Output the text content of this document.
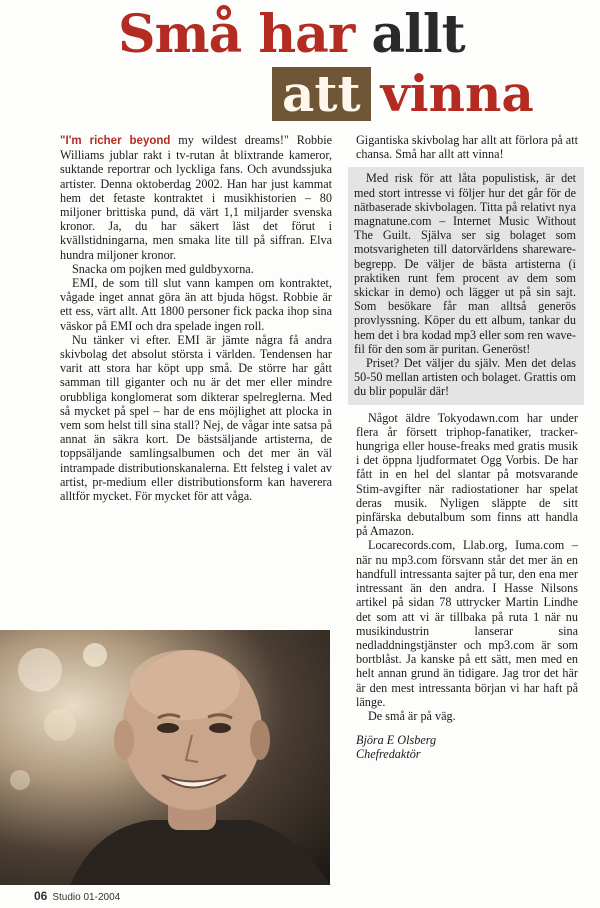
Små har allt
att vinna

"I'm richer beyond my wildest dreams!" Robbie Williams jublar rakt i tv-rutan åt blixtrande kameror, suktande reportrar och lyckliga fans. Och avundssjuka artister. Denna oktoberdag 2002. Han har just kammat hem det fetaste kontraktet i musikhistorien – 80 miljoner brittiska pund, dä värt 1,1 miljarder svenska kronor. Ja, du har säkert läst det förut i kvällstidningarna, men smaka lite till på siffran. Elva hundra miljoner kronor.

Snacka om pojken med guldbyxorna.

EMI, de som till slut vann kampen om kontraktet, vågade inget annat göra än att bjuda högst. Robbie är ett ess, värt allt. Att 1800 personer fick packa ihop sina väskor på EMI och dra spelade ingen roll.

Nu tänker vi efter. EMI är jämte några få andra skivbolag det absolut största i världen. Tendensen har varit att stora har köpt upp små. De större har gått samman till giganter och nu är det mer eller mindre orubbliga konglomerat som dikterar spelreglerna. Med så mycket på spel – har de ens möjlighet att plocka in vem som helst till sina stall? Nej, de vågar inte satsa på annat än säkra kort. De bästsäljande artisterna, de toppsäljande samlingsalbumen och det mer än väl intrampade distributionskanalerna. Ett felsteg i valet av artist, pr-medium eller distributionsform kan haverera alltför mycket. För mycket för att våga.

Gigantiska skivbolag har allt att förlora på att chansa. Små har allt att vinna!

Med risk för att låta populistisk, är det med stort intresse vi följer hur det går för de nätbaserade skivbolagen. Titta på relativt nya magnatune.com – Internet Music Without The Guilt. Själva ser sig bolaget som motsvarigheten till datorvärldens shareware-begrepp. De väljer de bästa artisterna (i praktiken runt fem procent av dem som skickar in demo) och lägger ut på sin sajt. Som besökare får man alltså generös provlyssning. Köper du ett album, tankar du hem det i bra kodad mp3 eller som ren wave-fil för den som är puritan. Generöst!

Priset? Det väljer du själv. Men det delas 50-50 mellan artisten och bolaget. Grattis om du blir populär där!

Något äldre Tokyodawn.com har under flera år försett triphop-fanatiker, tracker-hungriga eller house-freaks med gratis musik i det öppna ljudformatet Ogg Vorbis. De har fått in en hel del slantar på motsvarande Stim-avgifter när radiostationer har spelat deras musik. Nyligen släppte de sitt pinfärska debutalbum som finns att handla på Amazon.

Locarecords.com, Llab.org, Iuma.com – när nu mp3.com försvann står det mer än en handfull intressanta sajter på tur, den ena mer intressant än den andra. I Hasse Nilsons artikel på sidan 78 uttrycker Martin Lindhe det som att vi är tillbaka på ruta 1 när nu musikindustrin lanserar sina nedladdningstjänster och mp3.com är som bortblåst. Ja kanske på ett sätt, men med en helt annan grund än tidigare. Jag tror det här är den mest intressanta början vi har haft på länge.

De små är på väg.

Björa E Olsberg

Chefredaktör

06 Studio 01-2004
